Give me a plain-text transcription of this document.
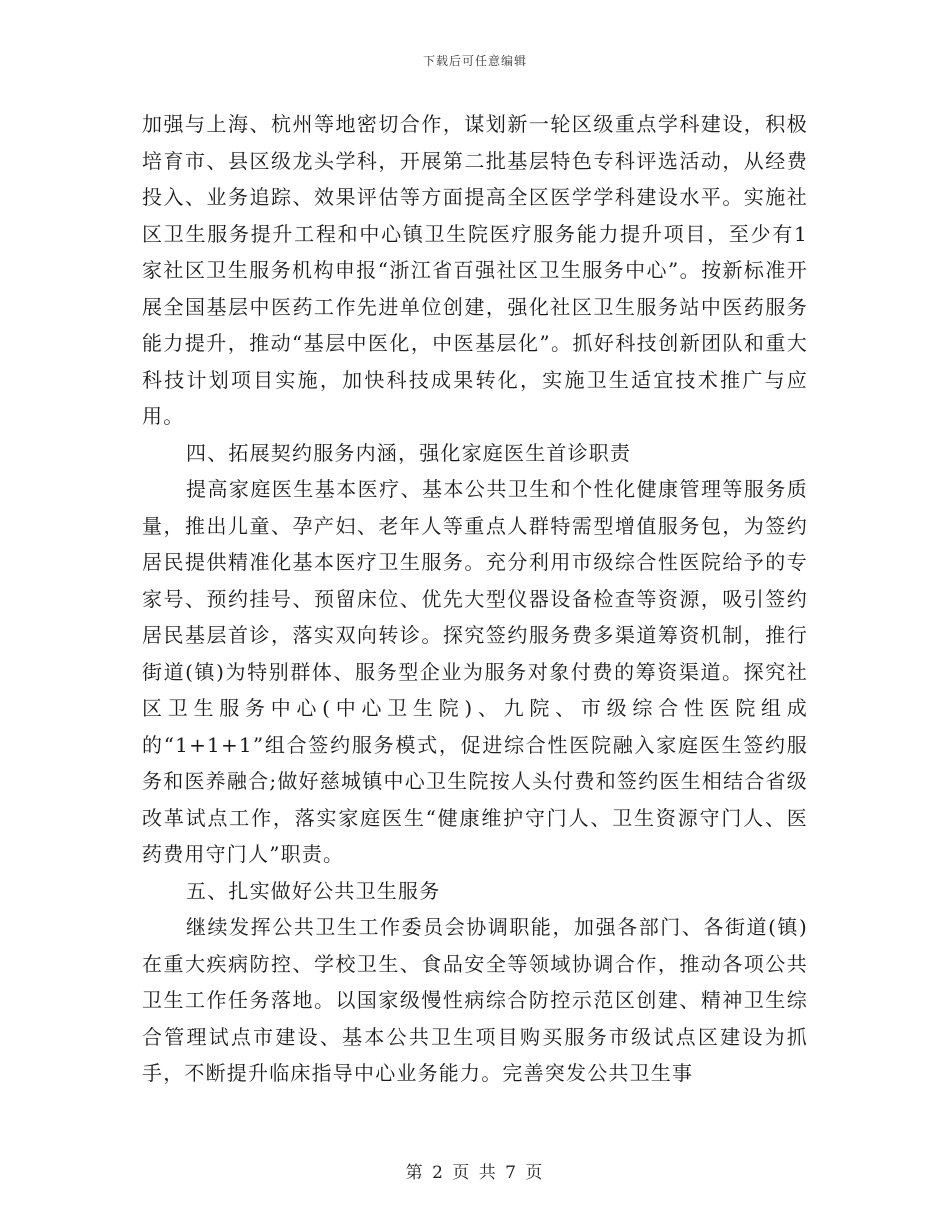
下载后可任意编辑

加强与上海、杭州等地密切合作，谋划新一轮区级重点学科建设，积极培育市、县区级龙头学科，开展第二批基层特色专科评选活动，从经费投入、业务追踪、效果评估等方面提高全区医学学科建设水平。实施社区卫生服务提升工程和中心镇卫生院医疗服务能力提升项目，至少有1家社区卫生服务机构申报“浙江省百强社区卫生服务中心”。按新标准开展全国基层中医药工作先进单位创建，强化社区卫生服务站中医药服务能力提升，推动“基层中医化，中医基层化”。抓好科技创新团队和重大科技计划项目实施，加快科技成果转化，实施卫生适宜技术推广与应用。

四、拓展契约服务内涵，强化家庭医生首诊职责

提高家庭医生基本医疗、基本公共卫生和个性化健康管理等服务质量，推出儿童、孕产妇、老年人等重点人群特需型增值服务包，为签约居民提供精准化基本医疗卫生服务。充分利用市级综合性医院给予的专家号、预约挂号、预留床位、优先大型仪器设备检查等资源，吸引签约居民基层首诊，落实双向转诊。探究签约服务费多渠道筹资机制，推行街道(镇)为特别群体、服务型企业为服务对象付费的筹资渠道。探究社区卫生服务中心(中心卫生院)、九院、市级综合性医院组成的“1+1+1”组合签约服务模式，促进综合性医院融入家庭医生签约服务和医养融合;做好慈城镇中心卫生院按人头付费和签约医生相结合省级改革试点工作，落实家庭医生“健康维护守门人、卫生资源守门人、医药费用守门人”职责。

五、扎实做好公共卫生服务

继续发挥公共卫生工作委员会协调职能，加强各部门、各街道(镇)在重大疾病防控、学校卫生、食品安全等领域协调合作，推动各项公共卫生工作任务落地。以国家级慢性病综合防控示范区创建、精神卫生综合管理试点市建设、基本公共卫生项目购买服务市级试点区建设为抓手，不断提升临床指导中心业务能力。完善突发公共卫生事

第 2 页 共 7 页
